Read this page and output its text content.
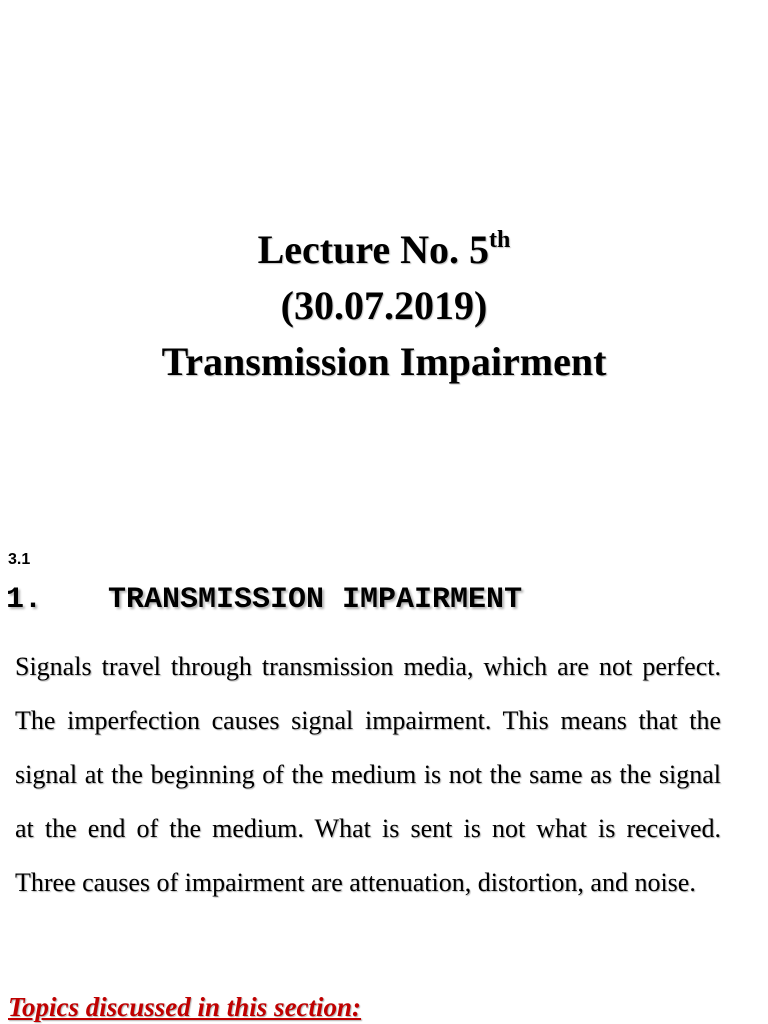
Lecture No. 5th
(30.07.2019)
Transmission Impairment
3.1
1. TRANSMISSION IMPAIRMENT

Signals travel through transmission media, which are not perfect. The imperfection causes signal impairment. This means that the signal at the beginning of the medium is not the same as the signal at the end of the medium. What is sent is not what is received. Three causes of impairment are attenuation, distortion, and noise.

Topics discussed in this section:
